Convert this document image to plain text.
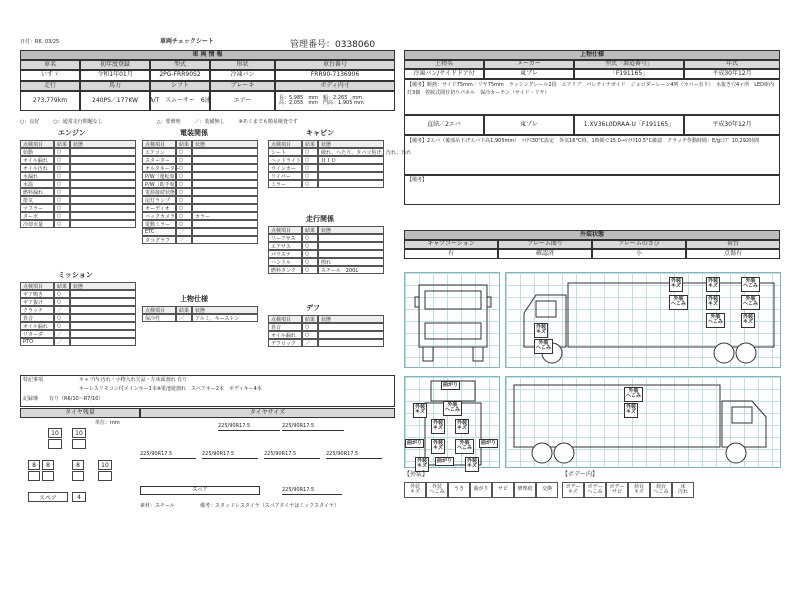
日付：R6. 03/25	車両チェックシート	管理番号：0338060
車 両 情 報
車名	初年度登録	型式	形状	車台番号
いすゞ	令和1年01月	2PG-FRR90S2	冷凍バン	FRR90-7136906
走行	馬力	シフト	ブレーキ	ボディ内寸
273,779km	240PS／177KW	A/T　スムーサー　6速	エアー	長：5,985　mm　幅：2,265　mm
高：2,055　mm　門高：1,905 mm
○：良好	○：通常走行問題なし	△：要修理	／：装備無し	※あくまでも簡易検査です
エンジン
点検項目	結果	状態
始動	○
オイル漏れ	○
オイル汚れ	○
水漏れ	○
水温	○
燃料漏れ	○
排気	○
マフラー	○
ターボ	○
冷却水量	○
ミッション
点検項目	結果	状態
ギア鳴き	○
ギア抜け	○
クラッチ	／
異音	○
オイル漏れ	○
リターダ	／
PTO	／
電装関係
点検項目	結果	状態
エアコン	○
スターター	○
オルタネーター ○
P/W（運転席） ○
P/W（助手席） ○
電源接続状態 ○
尾灯ランプ	○
オーディオ	○
バックカメラ ○	カラー
電動ミラー	○
ETC	／
タコグラフ	／
上物仕様
点検項目	結果	状態
保冷性	／	アルミ、キーストン
キャビン
点検項目	結果	状態
シート	○	破れ、へたり、タバコ焦げ、汚れ、汚れ
ヘッドライト ○	ＨＩＤ
ウインカー	○
ワイパー	○
ミラー	○
走行関係
点検項目	結果	状態
リーフサス	○
エアサス	○
パワステ	○
ハンドル	○	擦れ
燃料タンク	○	スチール　200L
デフ
点検項目	結果	状態
異音	○
オイル漏れ	○
デフロック	／
特記事項	キャブ内 汚れ・小物入れ欠品・左床面割れ 有り
キーレスリモコン付メインキー1本※電池遊割れ　スペアキー2本　ボディキー4本
記録簿 有り（R6/10～R7/10）
タイヤ残量	タイヤサイズ
単位：mm
10	10
8	8	8	10
スペア	4
225/90R17.5	225/90R17.5
225/90R17.5	225/90R17.5	225/90R17.5	225/90R17.5
スペア	225/90R17.5
素材：スチール	備考：スタッドレスタイヤ（スペアタイヤはミックスタイヤ）
上物仕様
上物名	メーカー	型式「製造番号」	年式
冷凍バン/サイドドア付	東プレ	「F191165」	平成30年12月
【備考】断熱：サイド75mm／リヤ75mm　ラッシングレール2段　エアリブ　パレティナガイド　ジョロダーレーン4列（カバー有り）　水抜き穴4ヶ所　LED庫内灯3個　着脱式間仕切りパネル　保冷カーテン（サイド・リヤ）
直結／2エバ	東プレ	1.XV36L0DRAA-U「F191165」	平成30年12月
【備考】2エバ（後部吊下げエバ下高1,905mm）　ﾏｲﾅｽ30°C設定　外気16°C時、1時間で15.0→ﾏｲﾅｽ10.5°C確認　クラッチ作動時間：E/gｼﾝﾌﾟ 10,292時間
【備考】
外装状態
キャブコーション	フレーム曲り	フレームのさび	荷台
有	確認済	小	点傷有
外装
キズ
外装
キズ
外装
へこみ
外装
へこみ
外装
キズ
外装
へこみ
外装
へこみ
外装
キズ
外装
へこみ
外装
キズ
曲がり
外装
キズ
外装
へこみ
曲がり
外装
キズ
外装
キズ
曲がり
外装
キズ
外装
へこみ
曲がり
外装
キズ
外装
キズ
外装
へこみ
外装
キズ
【外装】	【ボデー内】
外装
キズ
外装
へこみ	うき	曲がり	サビ	修理痕	交換	ボデー
キズ
ボデー
へこみ
ボデー
サビ
荷台
キズ
荷台
へこみ
床
汚れ
